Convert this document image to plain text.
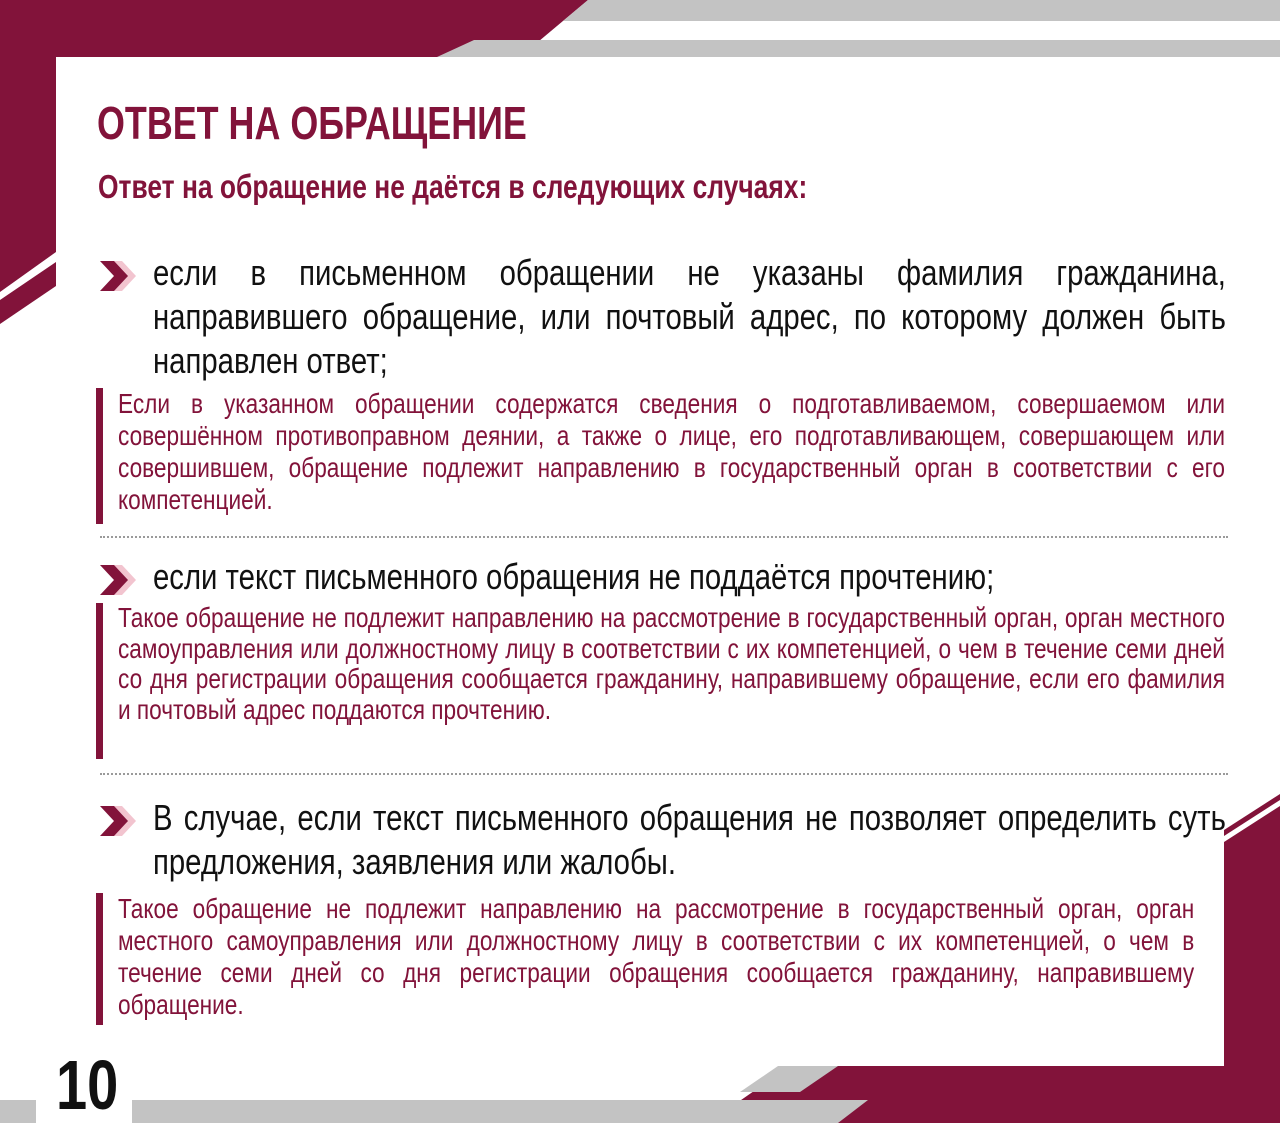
ОТВЕТ НА ОБРАЩЕНИЕ
Ответ на обращение не даётся в следующих случаях:

если в письменном обращении не указаны фамилия гражданина, направившего обращение, или почтовый адрес, по которому должен быть направлен ответ;

Если в указанном обращении содержатся сведения о подготавливаемом, совершаемом или совершённом противоправном деянии, а также о лице, его подготавливающем, совершающем или совершившем, обращение подлежит направлению в государственный орган в соответствии с его компетенцией.

если текст письменного обращения не поддаётся прочтению;

Такое обращение не подлежит направлению на рассмотрение в государственный орган, орган местного самоуправления или должностному лицу в соответствии с их компетенцией, о чем в течение семи дней со дня регистрации обращения сообщается гражданину, направившему обращение, если его фамилия и почтовый адрес поддаются прочтению.

В случае, если текст письменного обращения не позволяет определить суть предложения, заявления или жалобы.

Такое обращение не подлежит направлению на рассмотрение в государственный орган, орган местного самоуправления или должностному лицу в соответствии с их компетенцией, о чем в течение семи дней со дня регистрации обращения сообщается гражданину, направившему обращение.

10
